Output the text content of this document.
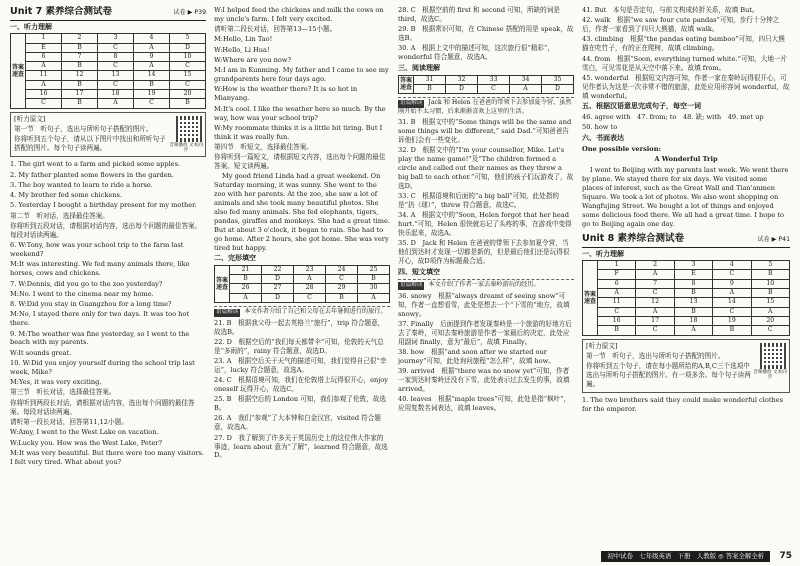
Unit 7 素养综合测试卷	试卷 ▶ P39
一、听力理解
答案速查	1	2	3	4	5
	E	B	C	A	D
	6	7	8	9	10
	A	B	C	A	C
	11	12	13	14	15
	A	B	C	B	C
	16	17	18	19	20
	C	B	A	C	B
音频播放 文本同步

[听力原文]

第一节　听句子，选出与所听句子搭配的图片。

你将听到五个句子，请从以下图片中找出和所听句子搭配的图片。每个句子读两遍。

1. The girl went to a farm and picked some apples.

2. My father planted some flowers in the garden.

3. The boy wanted to learn to ride a horse.

4. My brother fed some chickens.

5. Yesterday I bought a birthday present for my mother.

第二节　听对话，选择最佳答案。

你将听到五段对话，请根据对话内容，选出每个问题的最佳答案。每段对话读两遍。

6. W:Tony, how was your school trip to the farm last weekend?

M:It was interesting. We fed many animals there, like horses, cows and chickens.

7. W:Dennis, did you go to the zoo yesterday?

M:No. I went to the cinema near my home.

8. W:Did you stay in Guangzhou for a long time?

M:No, I stayed there only for two days. It was too hot there.

9. M:The weather was fine yesterday, so I went to the beach with my parents.

W:It sounds great.

10. W:Did you enjoy yourself during the school trip last week, Mike?

M:Yes, it was very exciting.

第三节　听长对话，选择最佳答案。

你将听到两段长对话，请根据对话内容，选出每个问题的最佳答案。每段对话读两遍。

请听第一段长对话，回答第11,12小题。

W:Amy, I went to the West Lake on vacation.

W:Lucky you. How was the West Lake, Peter?

M:It was very beautiful. But there were too many visitors. I felt very tired. What about you?

W:I helped feed the chickens and milk the cows on my uncle's farm. I felt very excited.

请听第二段长对话，回答第13—15小题。

M:Hello, Lin Tao!

W:Hello, Li Hua!

W:Where are you now?

M:I am in Kunming. My father and I came to see my grandparents here four days ago.

W:How is the weather there? It is so hot in Mianyang.

M:It's cool. I like the weather here so much. By the way, how was your school trip?

W:My roommate thinks it is a little bit tiring. But I think it was really fun.

第四节　听短文，选择最佳答案。

你将听到一篇短文，请根据短文内容，选出每个问题的最佳答案。短文读两遍。

My good friend Linda had a great weekend. On Saturday morning, it was sunny. She went to the zoo with her parents. At the zoo, she saw a lot of animals and she took many beautiful photos. She also fed many animals. She fed elephants, tigers, pandas, giraffes and monkeys. She had a great time. But at about 3 o'clock, it began to rain. She had to go home. After 2 hours, she got home. She was very tired but happy.

二、完形填空
答案速查	21	22	23	24	25
	B	D	A	C	B
	26	27	28	29	30
	A	D	C	B	A
语篇解读 本文作者介绍了自己和父母在去年暑假进行的旅行。

21. B　根据我父母一起去英格兰“旅行”，trip 符合题意，故选B。

22. D　根据空后的“我们每天都带伞”可知，伦敦的天气总是“多雨的”，rainy 符合题意，故选D。

23. A　根据空后关于天气的描述可知，我们觉得自己很“幸运”，lucky 符合题意，故选A。

24. C　根据语境可知，我们在伦敦塔上玩得很开心，enjoy oneself 玩得开心，故选C。

25. B　根据空后的 London 可知，我们参观了伦敦，故选B。

26. A　我们“参观”了大本钟和白金汉宫，visited 符合题意，故选A。

27. D　我了解到了许多关于英国历史上的这位伟大作家的事迹，learn about 意为“了解”，learned 符合题意，故选D。

28. C　根据空前的 first 和 second 可知，所缺的词是 third，故选C。

29. B　根据常识可知，在 Chinese 搭配的用是 speak，故选B。

30. A　根据上文中的描述可知，这次旅行很“精彩”，wonderful 符合题意，故选A。

三、阅读理解
答案速查	31	32	33	34	35
	B	D	C	A	D
语篇解读 Jack 和 Helen 在爸爸的带领下去参加夏令营，虽然刚开始不太习惯，后来渐渐喜欢上这里的生活。

31. B　根据文中的“Some things will be the same and some things will be different,” said Dad.”可知爸爸告诉他们会有一些变化。

32. D　根据文中的“I'm your counsellor, Mike. Let's play the name game!”及“The children formed a circle and called out their names as they threw a big ball to each other.”可知，他们的孩子们玩游戏了，故选D。

33. C　根据语境和后面的“a big ball”可知，此处指的是“扔（球）”，threw 符合题意，故选C。

34. A　根据文中的“Soon, Helen forgot that her head hurt.”可知，Helen 很快就忘记了头疼的事，在游戏中变得快乐起来，故选A。

35. D　Jack 和 Helen 在爸爸的带领下去参加夏令营，当他们到达时才发现一切都是新的，但是最后他们还是玩得很开心，故D项作为标题最合适。

四、短文填空
语篇解读 本文介绍了作者一家去秦岭游玩的经历。

36. snowy　根据“always dreamt of seeing snow”可知，作者一直想看雪，此处是想去一个“下雪的”地方，故填 snowy。

37. Finally　后面提到作者发现秦岭是一个旅游的好地方后去了秦岭，可知去秦岭旅游是作者一家最后的决定，此处应用副词 finally，意为“最后”，故填 Finally。

38. how　根据“and soon after we started our journey”可知，此处询问旅程“怎么样”，故填 how。

39. arrived　根据“there was no snow yet”可知，作者一家到达时秦岭还没有下雪，此处表示过去发生的事，故填 arrived。

40. leaves　根据“maple trees”可知，此处是指“枫叶”，应用复数名词表达，故填 leaves。

41. But　本句是否定句，与前文构成转折关系，故填 But。

42. walk　根据“we saw four cute pandas”可知，步行十分钟之后，作者一家看到了四只大熊猫，故填 walk。

43. climbing　根据“the pandas eating bamboo”可知，四只大熊猫在吃竹子，有的正在爬树，故填 climbing。

44. from　根据“Soon, everything turned white.”可知，大地一片雪白，可见雪花是从天空中落下来。故填 from。

45. wonderful　根据短文内容可知，作者一家在秦岭玩得很开心，可见作者认为这是一次非常不错的旅游，此处应用形容词 wonderful，故填 wonderful。

五、根据汉语意思完成句子，每空一词

46. agree with　47. from; to　48. 缺; with　49. met up

50. how to

六、书面表达

One possible version:

A Wonderful Trip

I went to Beijing with my parents last week. We went there by plane. We stayed there for six days. We visited some places of interest, such as the Great Wall and Tian'anmen Square. We took a lot of photos. We also went shopping on Wangfujing Street. We bought a lot of things and enjoyed some delicious food there. We all had a great time. I hope to go to Beijing again one day.

Unit 8 素养综合测试卷	试卷 ▶ P41
一、听力理解
答案速查	1	2	3	4	5
	F	A	E	C	B
	6	7	8	9	10
	A	C	B	A	B
	11	12	13	14	15
	C	A	B	C	A
	16	17	18	19	20
	B	C	A	B	C
音频播放 文本同步

[听力原文]

第一节　听句子，选出与所听句子搭配的图片。

你将听到五个句子，请在每小题所给的A,B,C三个选项中选出与所听句子搭配的图片。有一项多余。每个句子读两遍。

1. The two brothers said they could make wonderful clothes for the emperor.

初中试卷　七年级英语　下册　人教版 ◎ 答案全解全析	75
